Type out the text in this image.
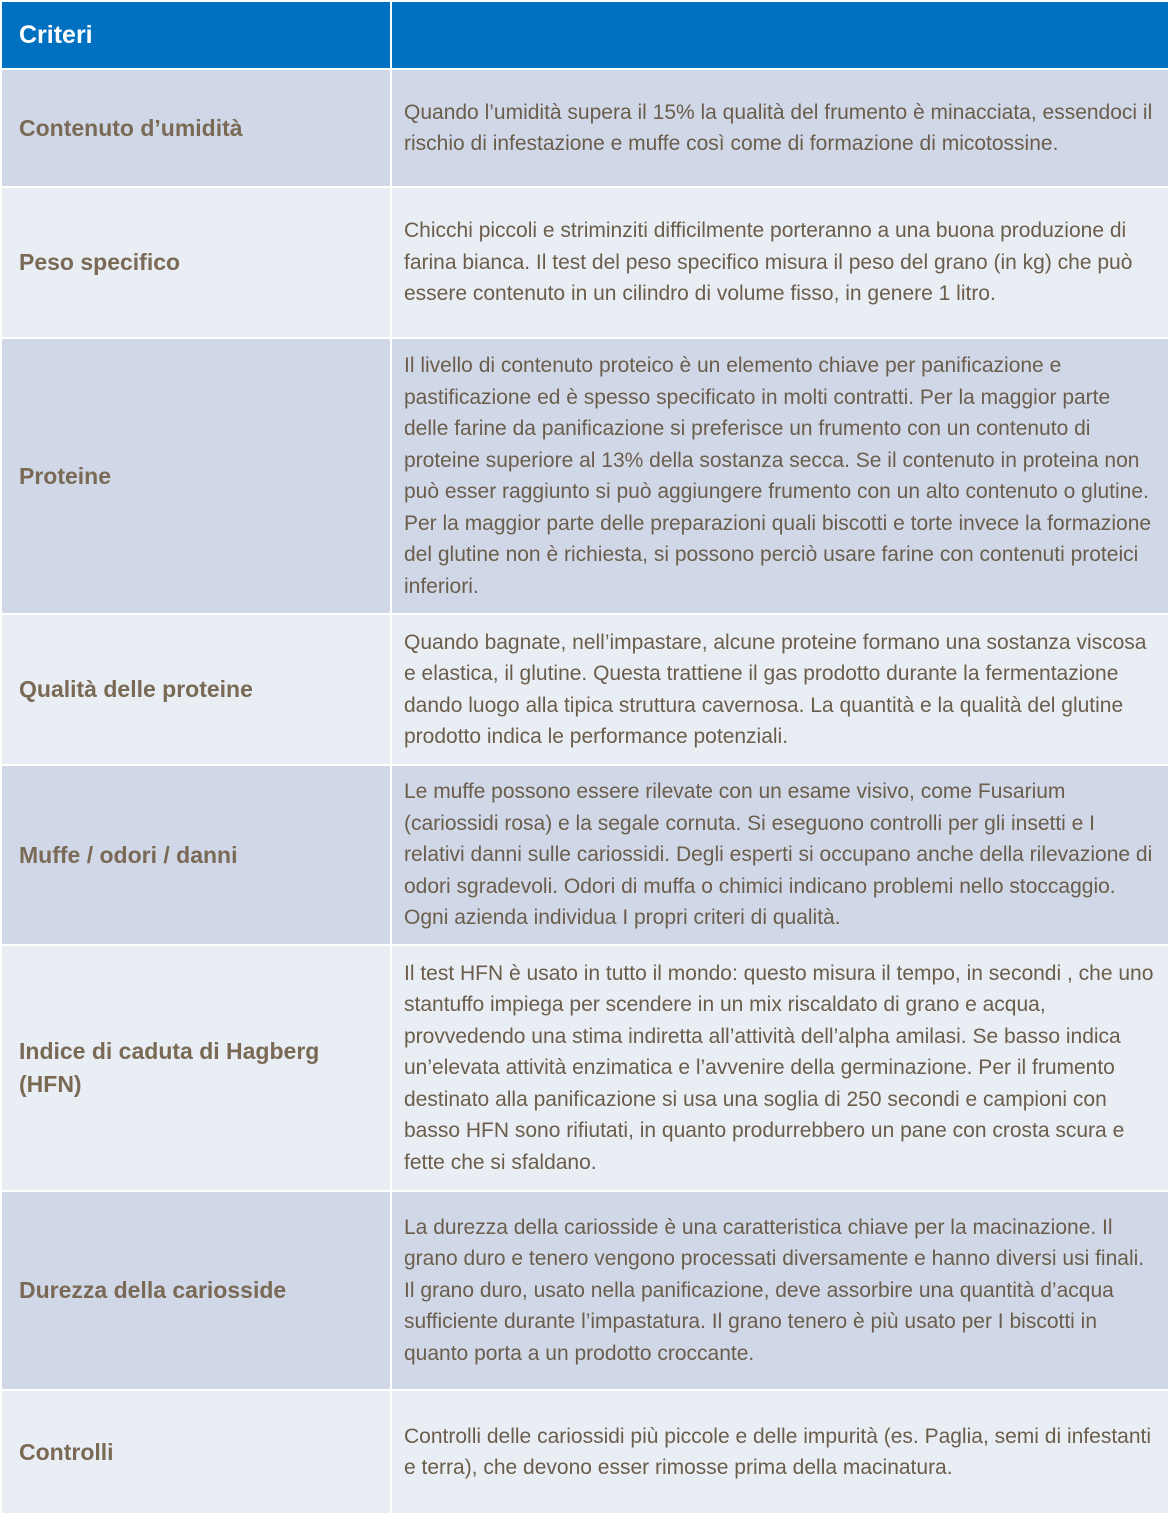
Criteri	

Contenuto d’umidità	Quando l’umidità supera il 15% la qualità del frumento è minacciata, essendoci il rischio di infestazione e muffe così come di formazione di micotossine.

Peso specifico	Chicchi piccoli e striminziti difficilmente porteranno a una buona produzione di farina bianca. Il test del peso specifico misura il peso del grano (in kg) che può essere contenuto in un cilindro di volume fisso, in genere 1 litro.

Proteine	Il livello di contenuto proteico è un elemento chiave per panificazione e pastificazione ed è spesso specificato in molti contratti. Per la maggior parte delle farine da panificazione si preferisce un frumento con un contenuto di proteine superiore al 13% della sostanza secca. Se il contenuto in proteina non può esser raggiunto si può aggiungere frumento con un alto contenuto o glutine. Per la maggior parte delle preparazioni quali biscotti e torte invece la formazione del glutine non è richiesta, si possono perciò usare farine con contenuti proteici inferiori.

Qualità delle proteine	Quando bagnate, nell’impastare, alcune proteine formano una sostanza viscosa e elastica, il glutine. Questa trattiene il gas prodotto durante la fermentazione dando luogo alla tipica struttura cavernosa. La quantità e la qualità del glutine prodotto indica le performance potenziali.

Muffe / odori / danni	Le muffe possono essere rilevate con un esame visivo, come Fusarium (cariossidi rosa) e la segale cornuta. Si eseguono controlli per gli insetti e I relativi danni sulle cariossidi. Degli esperti si occupano anche della rilevazione di odori sgradevoli. Odori di muffa o chimici indicano problemi nello stoccaggio. Ogni azienda individua I propri criteri di qualità.

Indice di caduta di Hagberg (HFN)	Il test HFN è usato in tutto il mondo: questo misura il tempo, in secondi , che uno stantuffo impiega per scendere in un mix riscaldato di grano e acqua, provvedendo una stima indiretta all’attività dell’alpha amilasi. Se basso indica un’elevata attività enzimatica e l’avvenire della germinazione. Per il frumento destinato alla panificazione si usa una soglia di 250 secondi e campioni con basso HFN sono rifiutati, in quanto produrrebbero un pane con crosta scura e fette che si sfaldano.

Durezza della cariosside	La durezza della cariosside è una caratteristica chiave per la macinazione. Il grano duro e tenero vengono processati diversamente e hanno diversi usi finali. Il grano duro, usato nella panificazione, deve assorbire una quantità d’acqua sufficiente durante l’impastatura. Il grano tenero è più usato per I biscotti in quanto porta a un prodotto croccante.

Controlli	Controlli delle cariossidi più piccole e delle impurità (es. Paglia, semi di infestanti e terra), che devono esser rimosse prima della macinatura.
